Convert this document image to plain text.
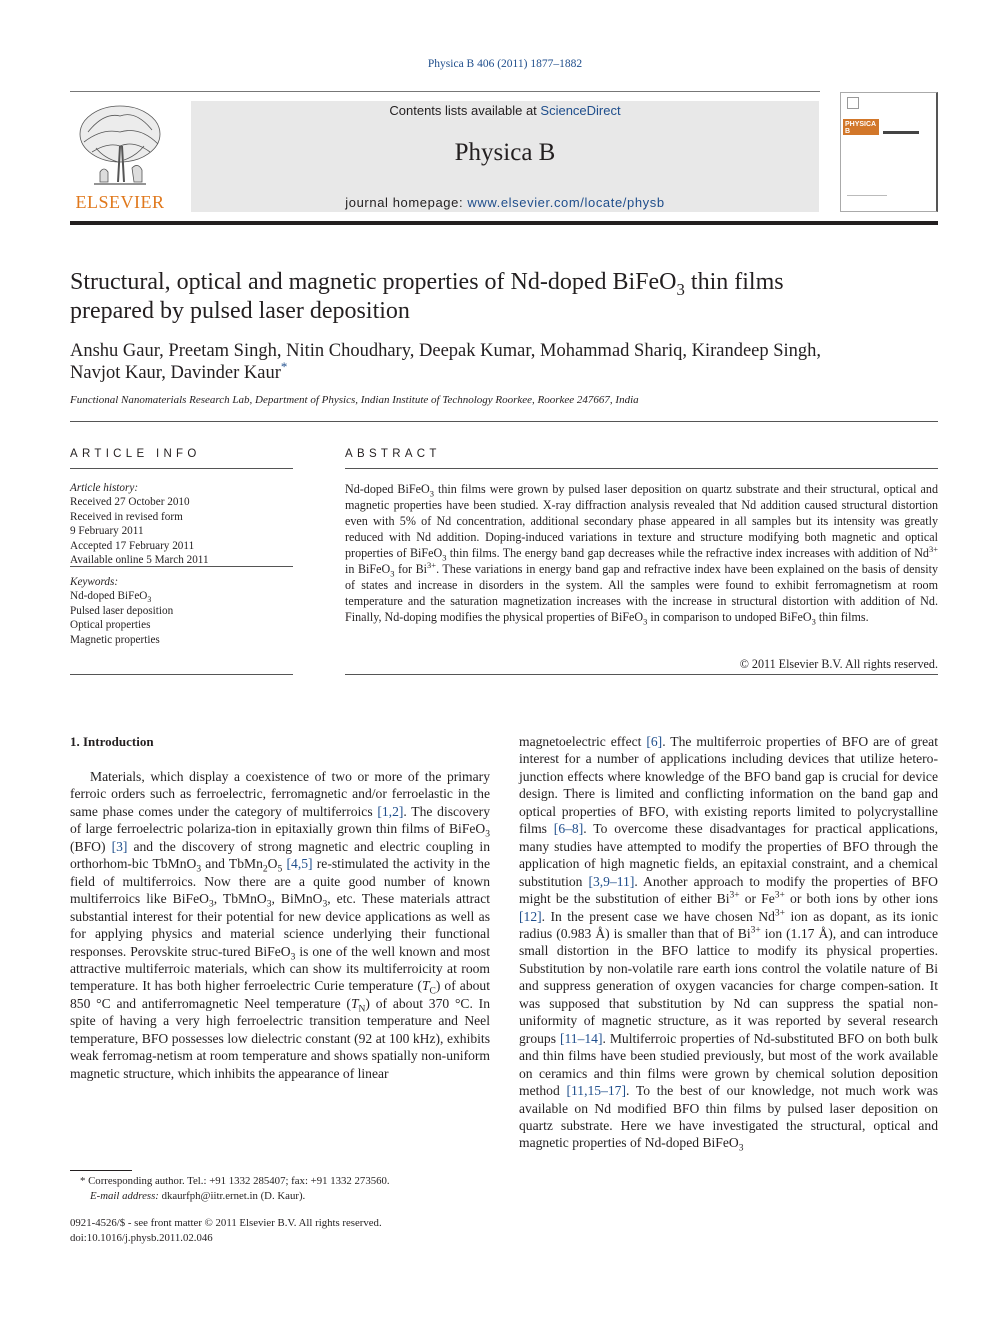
Physica B 406 (2011) 1877–1882
ELSEVIER
Contents lists available at ScienceDirect
Physica B
journal homepage: www.elsevier.com/locate/physb
PHYSICA B
Structural, optical and magnetic properties of Nd-doped BiFeO$_3$ thin films
prepared by pulsed laser deposition
Anshu Gaur, Preetam Singh, Nitin Choudhary, Deepak Kumar, Mohammad Shariq, Kirandeep Singh,
Navjot Kaur, Davinder Kaur*
Functional Nanomaterials Research Lab, Department of Physics, Indian Institute of Technology Roorkee, Roorkee 247667, India
ARTICLE INFO
Article history:
Received 27 October 2010
Received in revised form
9 February 2011
Accepted 17 February 2011
Available online 5 March 2011
Keywords:
Nd-doped BiFeO$_3$
Pulsed laser deposition
Optical properties
Magnetic properties
ABSTRACT

Nd-doped BiFeO$_3$ thin films were grown by pulsed laser deposition on quartz substrate and their structural, optical and magnetic properties have been studied. X-ray diffraction analysis revealed that Nd addition caused structural distortion even with 5% of Nd concentration, additional secondary phase appeared in all samples but its intensity was greatly reduced with Nd addition. Doping-induced variations in texture and structure modifying both magnetic and optical properties of BiFeO$_3$ thin films. The energy band gap decreases while the refractive index increases with addition of $Nd^{3+}$ in BiFeO$_3$ for $Bi^{3+}$. These variations in energy band gap and refractive index have been explained on the basis of density of states and increase in disorders in the system. All the samples were found to exhibit ferromagnetism at room temperature and the saturation magnetization increases with the increase in structural distortion with addition of Nd. Finally, Nd-doping modifies the physical properties of BiFeO$_3$ in comparison to undoped BiFeO$_3$ thin films.

© 2011 Elsevier B.V. All rights reserved.
1. Introduction

Materials, which display a coexistence of two or more of the primary ferroic orders such as ferroelectric, ferromagnetic and/or ferroelastic in the same phase comes under the category of multiferroics [1,2]. The discovery of large ferroelectric polariza-tion in epitaxially grown thin films of BiFeO$_3$ (BFO) [3] and the discovery of strong magnetic and electric coupling in orthorhom-bic TbMnO$_3$ and $TbMn_2O_5$ [4,5] re-stimulated the activity in the field of multiferroics. Now there are a quite good number of known multiferroics like BiFeO$_3$, TbMnO$_3$, BiMnO$_3$, etc. These materials attract substantial interest for their potential for new device applications as well as for applying physics and material science underlying their functional responses. Perovskite struc-tured BiFeO$_3$ is one of the well known and most attractive multiferroic materials, which can show its multiferroicity at room temperature. It has both higher ferroelectric Curie temperature $(T_C)$ of about 850 °C and antiferromagnetic Neel temperature $(T_N)$ of about 370 °C. In spite of having a very high ferroelectric transition temperature and Neel temperature, BFO possesses low dielectric constant (92 at 100 kHz), exhibits weak ferromag-netism at room temperature and shows spatially non-uniform magnetic structure, which inhibits the appearance of linear

magnetoelectric effect [6]. The multiferroic properties of BFO are of great interest for a number of applications including devices that utilize hetero-junction effects where knowledge of the BFO band gap is crucial for device design. There is limited and conflicting information on the band gap and optical properties of BFO, with existing reports limited to polycrystalline films [6–8]. To overcome these disadvantages for practical applications, many studies have attempted to modify the properties of BFO through the application of high magnetic fields, an epitaxial constraint, and a chemical substitution [3,9–11]. Another approach to modify the properties of BFO might be the substitution of either $Bi^{3+}$ or $Fe^{3+}$ or both ions by other ions [12]. In the present case we have chosen $Nd^{3+}$ ion as dopant, as its ionic radius (0.983 Å) is smaller than that of $Bi^{3+}$ ion (1.17 Å), and can introduce small distortion in the BFO lattice to modify its physical properties. Substitution by non-volatile rare earth ions control the volatile nature of Bi and suppress generation of oxygen vacancies for charge compen-sation. It was supposed that substitution by Nd can suppress the spatial non-uniformity of magnetic structure, as it was reported by several research groups [11–14]. Multiferroic properties of Nd-substituted BFO on both bulk and thin films have been studied previously, but most of the work available on ceramics and thin films were grown by chemical solution deposition method [11,15–17]. To the best of our knowledge, not much work was available on Nd modified BFO thin films by pulsed laser deposition on quartz substrate. Here we have investigated the structural, optical and magnetic properties of Nd-doped BiFeO$_3$

* Corresponding author. Tel.: +91 1332 285407; fax: +91 1332 273560.
E-mail address: dkaurfph@iitr.ernet.in (D. Kaur).
0921-4526/$ - see front matter © 2011 Elsevier B.V. All rights reserved.
doi:10.1016/j.physb.2011.02.046
